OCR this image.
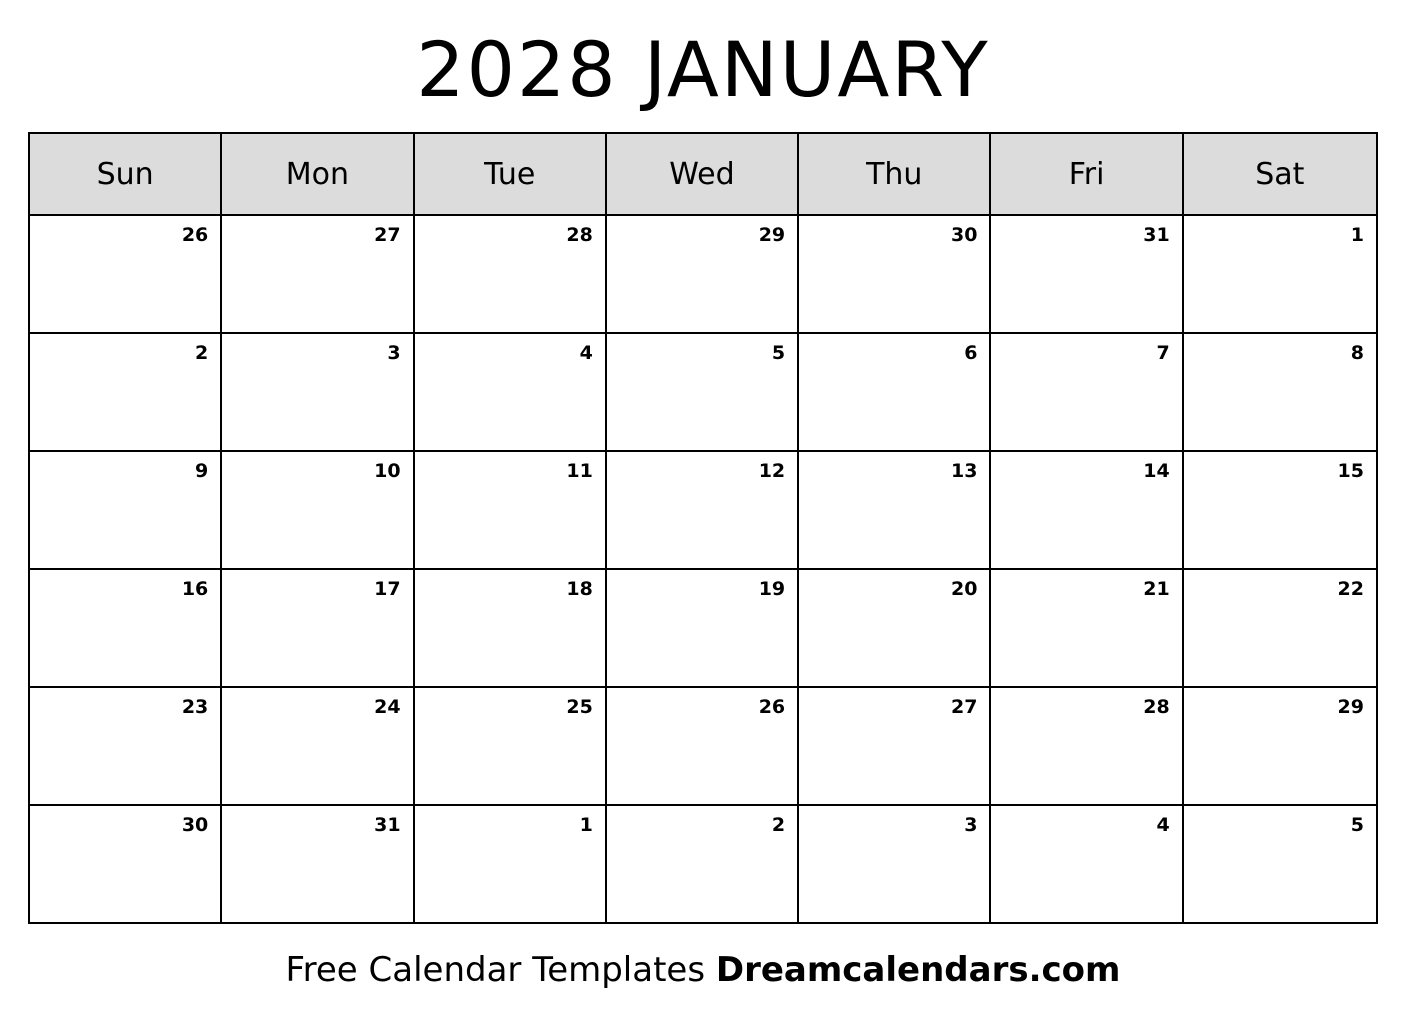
2028 JANUARY
Sun	Mon	Tue	Wed	Thu	Fri	Sat
26	27	28	29	30	31	1
2	3	4	5	6	7	8
9	10	11	12	13	14	15
16	17	18	19	20	21	22
23	24	25	26	27	28	29
30	31	1	2	3	4	5
Free Calendar Templates Dreamcalendars.com
